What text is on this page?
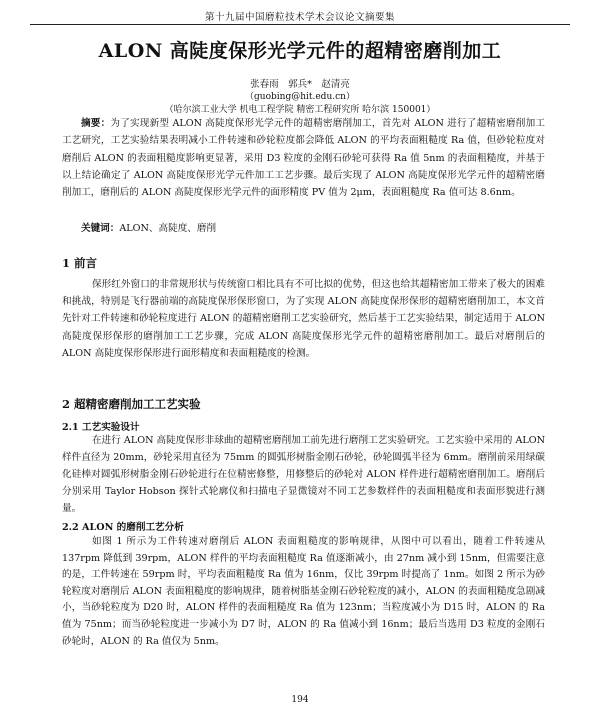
第十九届中国磨粒技术学术会议论文摘要集
ALON 高陡度保形光学元件的超精密磨削加工
张春雨　郭兵*　赵清亮
（guobing@hit.edu.cn）
（哈尔滨工业大学 机电工程学院 精密工程研究所 哈尔滨 150001）
摘要：为了实现新型 ALON 高陡度保形光学元件的超精密磨削加工，首先对 ALON 进行了超精密磨削加工工艺研究，工艺实验结果表明减小工件转速和砂轮粒度都会降低 ALON 的平均表面粗糙度 Ra 值，但砂轮粒度对磨削后 ALON 的表面粗糙度影响更显著，采用 D3 粒度的金刚石砂轮可获得 Ra 值 5nm 的表面粗糙度，并基于以上结论确定了 ALON 高陡度保形光学元件加工工艺步骤。最后实现了 ALON 高陡度保形光学元件的超精密磨削加工，磨削后的 ALON 高陡度保形光学元件的面形精度 PV 值为 2μm，表面粗糙度 Ra 值可达 8.6nm。
关键词：ALON、高陡度、磨削
1 前言
保形红外窗口的非常规形状与传统窗口相比具有不可比拟的优势，但这也给其超精密加工带来了极大的困难和挑战，特别是飞行器前端的高陡度保形保形窗口，为了实现 ALON 高陡度保形保形的超精密磨削加工，本文首先针对工件转速和砂轮粒度进行 ALON 的超精密磨削工艺实验研究，然后基于工艺实验结果，制定适用于 ALON 高陡度保形保形的磨削加工工艺步骤，完成 ALON 高陡度保形光学元件的超精密磨削加工。最后对磨削后的 ALON 高陡度保形保形进行面形精度和表面粗糙度的检测。
2 超精密磨削加工工艺实验
2.1 工艺实验设计
在进行 ALON 高陡度保形非球曲的超精密磨削加工前先进行磨削工艺实验研究。工艺实验中采用的 ALON 样件直径为 20mm，砂轮采用直径为 75mm 的圆弧形树脂金刚石砂轮，砂轮圆弧半径为 6mm。磨削前采用绿碳化硅棒对圆弧形树脂金刚石砂轮进行在位精密修整，用修整后的砂轮对 ALON 样件进行超精密磨削加工。磨削后分别采用 Taylor Hobson 探针式轮廓仪和扫描电子显微镜对不同工艺参数样件的表面粗糙度和表面形貌进行测量。
2.2 ALON 的磨削工艺分析
如图 1 所示为工件转速对磨削后 ALON 表面粗糙度的影响规律，从图中可以看出，随着工件转速从 137rpm 降低到 39rpm，ALON 样件的平均表面粗糙度 Ra 值逐渐减小，由 27nm 减小到 15nm，但需要注意的是，工件转速在 59rpm 时，平均表面粗糙度 Ra 值为 16nm，仅比 39rpm 时提高了 1nm。如图 2 所示为砂轮粒度对磨削后 ALON 表面粗糙度的影响规律，随着树脂基金刚石砂轮粒度的减小，ALON 的表面粗糙度急剧减小，当砂轮粒度为 D20 时，ALON 样件的表面粗糙度 Ra 值为 123nm；当粒度减小为 D15 时，ALON 的 Ra 值为 75nm；而当砂轮粒度进一步减小为 D7 时，ALON 的 Ra 值减小到 16nm；最后当选用 D3 粒度的金刚石砂轮时，ALON 的 Ra 值仅为 5nm。
194
